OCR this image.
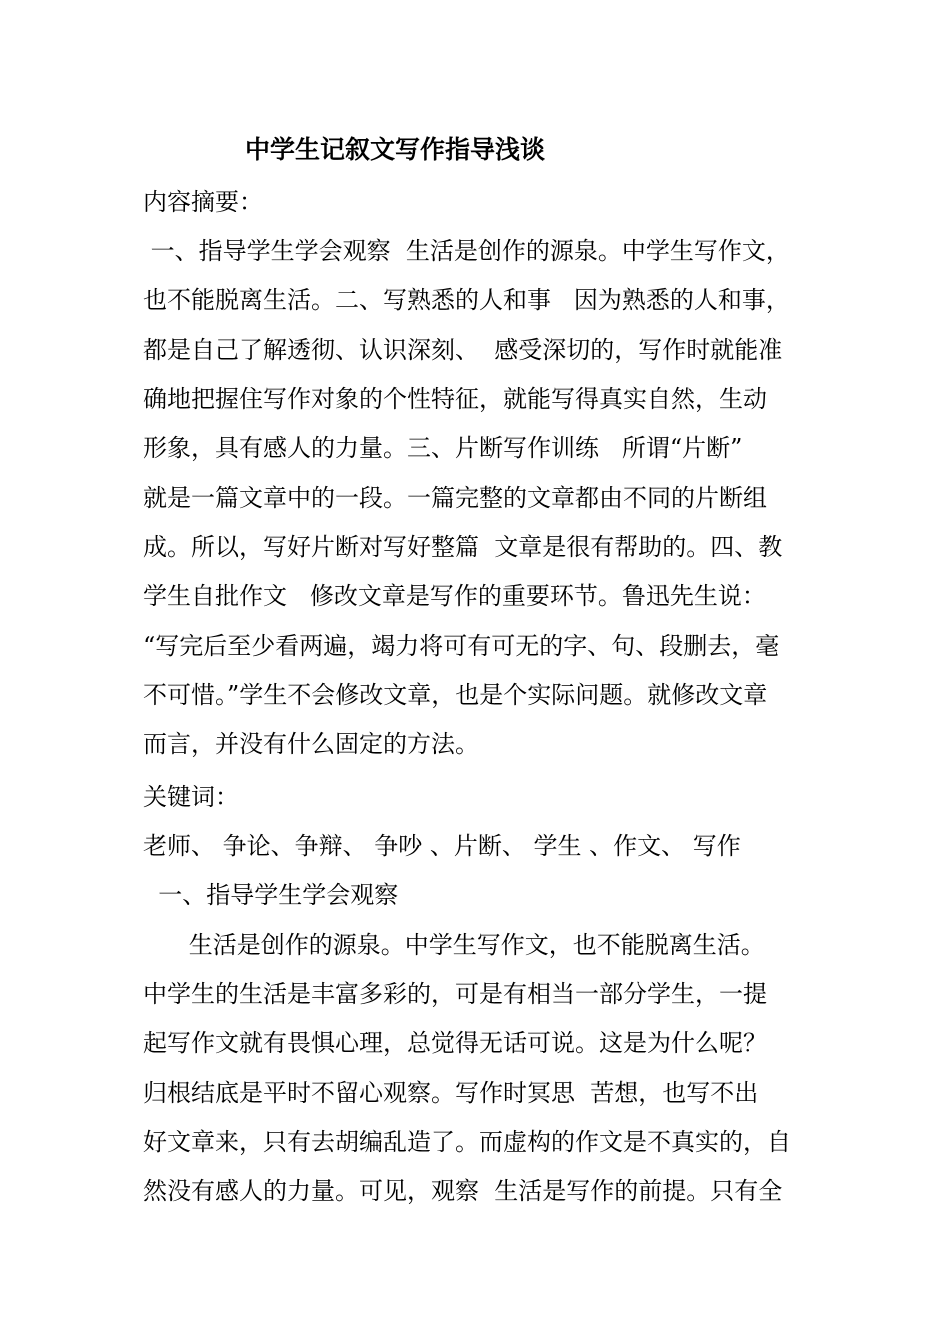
中学生记叙文写作指导浅谈
内容摘要：
一、指导学生学会观察  生活是创作的源泉。中学生写作文，
也不能脱离生活。二、写熟悉的人和事   因为熟悉的人和事，
都是自己了解透彻、认识深刻、  感受深切的，写作时就能准
确地把握住写作对象的个性特征，就能写得真实自然，生动
形象，具有感人的力量。三、片断写作训练   所谓“片断”
就是一篇文章中的一段。一篇完整的文章都由不同的片断组
成。所以，写好片断对写好整篇  文章是很有帮助的。四、教
学生自批作文   修改文章是写作的重要环节。鲁迅先生说：
“写完后至少看两遍，竭力将可有可无的字、句、段删去，毫
不可惜。”学生不会修改文章，也是个实际问题。就修改文章
而言，并没有什么固定的方法。
关键词：
老师、 争论、争辩、 争吵 、片断、 学生 、作文、 写作
一、指导学生学会观察
生活是创作的源泉。中学生写作文，也不能脱离生活。
中学生的生活是丰富多彩的，可是有相当一部分学生，一提
起写作文就有畏惧心理，总觉得无话可说。这是为什么呢？
归根结底是平时不留心观察。写作时冥思  苦想，也写不出
好文章来，只有去胡编乱造了。而虚构的作文是不真实的，自
然没有感人的力量。可见，观察  生活是写作的前提。只有全
